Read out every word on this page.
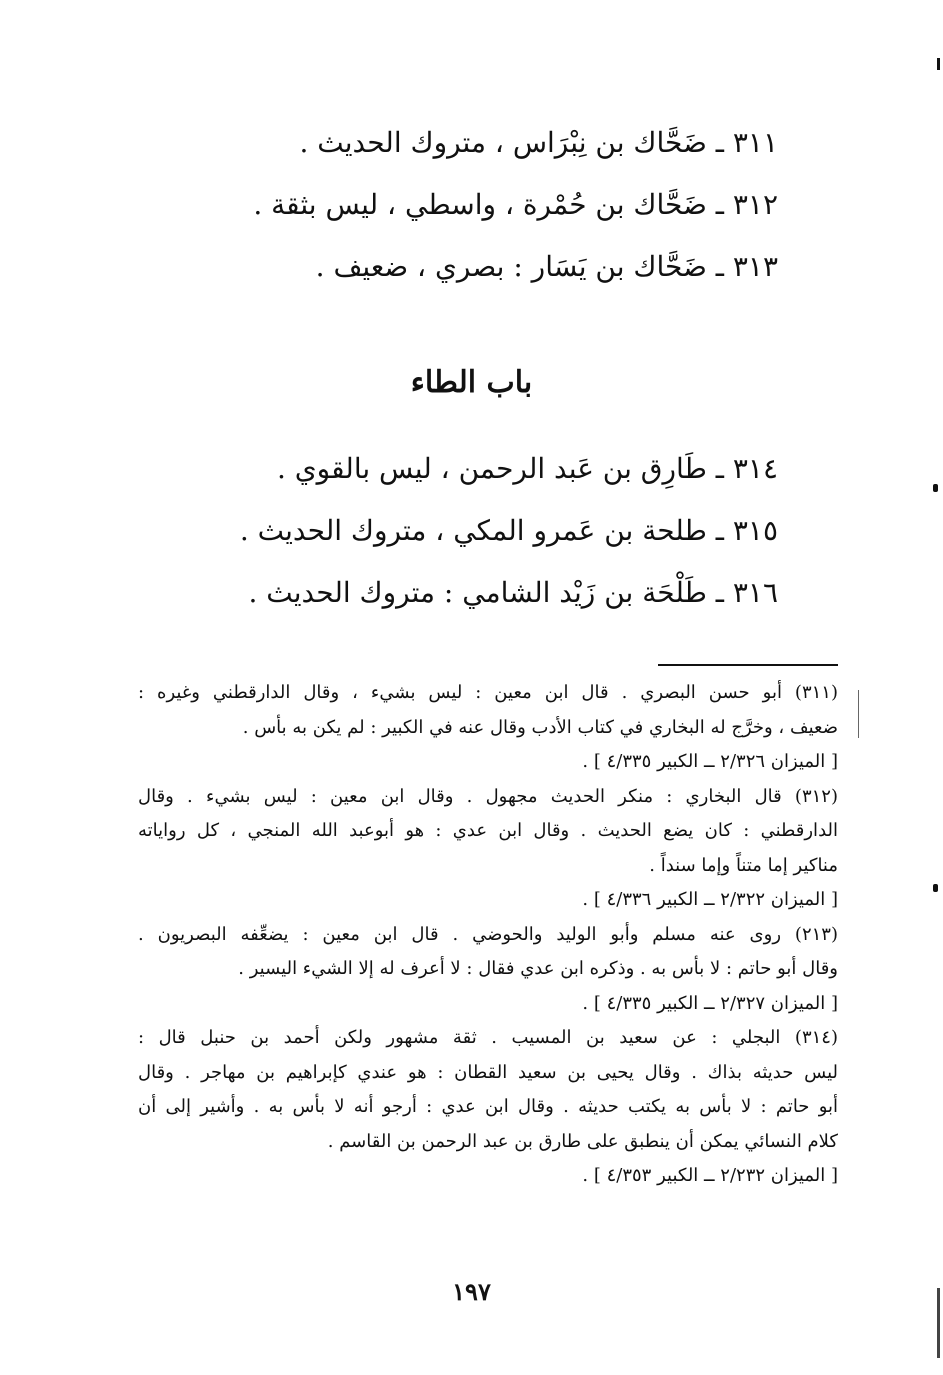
٣١١ ـ ضَحَّاك بن نِبْرَاس ، متروك الحديث .
٣١٢ ـ ضَحَّاك بن حُمْرة ، واسطي ، ليس بثقة .
٣١٣ ـ ضَحَّاك بن يَسَار : بصري ، ضعيف .
باب الطاء
٣١٤ ـ طَارِق بن عَبد الرحمن ، ليس بالقوي .
٣١٥ ـ طلحة بن عَمرو المكي ، متروك الحديث .
٣١٦ ـ طَلْحَة بن زَيْد الشامي : متروك الحديث .
(٣١١) أبو حسن البصري . قال ابن معين : ليس بشيء ، وقال الدارقطني وغيره :
ضعيف ، وخرَّج له البخاري في كتاب الأدب وقال عنه في الكبير : لم يكن به بأس .
[ الميزان ٢/٣٢٦ ــ الكبير ٤/٣٣٥ ] .
(٣١٢) قال البخاري : منكر الحديث مجهول . وقال ابن معين : ليس بشيء . وقال
الدارقطني : كان يضع الحديث . وقال ابن عدي : هو أبوعبد الله المنجي ، كل رواياته
مناكير إما متناً وإما سنداً .
[ الميزان ٢/٣٢٢ ــ الكبير ٤/٣٣٦ ] .
(٢١٣) روى عنه مسلم وأبو الوليد والحوضي . قال ابن معين : يضعِّفه البصريون .
وقال أبو حاتم : لا بأس به . وذكره ابن عدي فقال : لا أعرف له إلا الشيء اليسير .
[ الميزان ٢/٣٢٧ ــ الكبير ٤/٣٣٥ ] .
(٣١٤) البجلي : عن سعيد بن المسيب . ثقة مشهور ولكن أحمد بن حنبل قال :
ليس حديثه بذاك . وقال يحيى بن سعيد القطان : هو عندي كإبراهيم بن مهاجر . وقال
أبو حاتم : لا بأس به يكتب حديثه . وقال ابن عدي : أرجو أنه لا بأس به . وأشير إلى أن
كلام النسائي يمكن أن ينطبق على طارق بن عبد الرحمن بن القاسم .
[ الميزان ٢/٢٣٢ ــ الكبير ٤/٣٥٣ ] .
١٩٧
